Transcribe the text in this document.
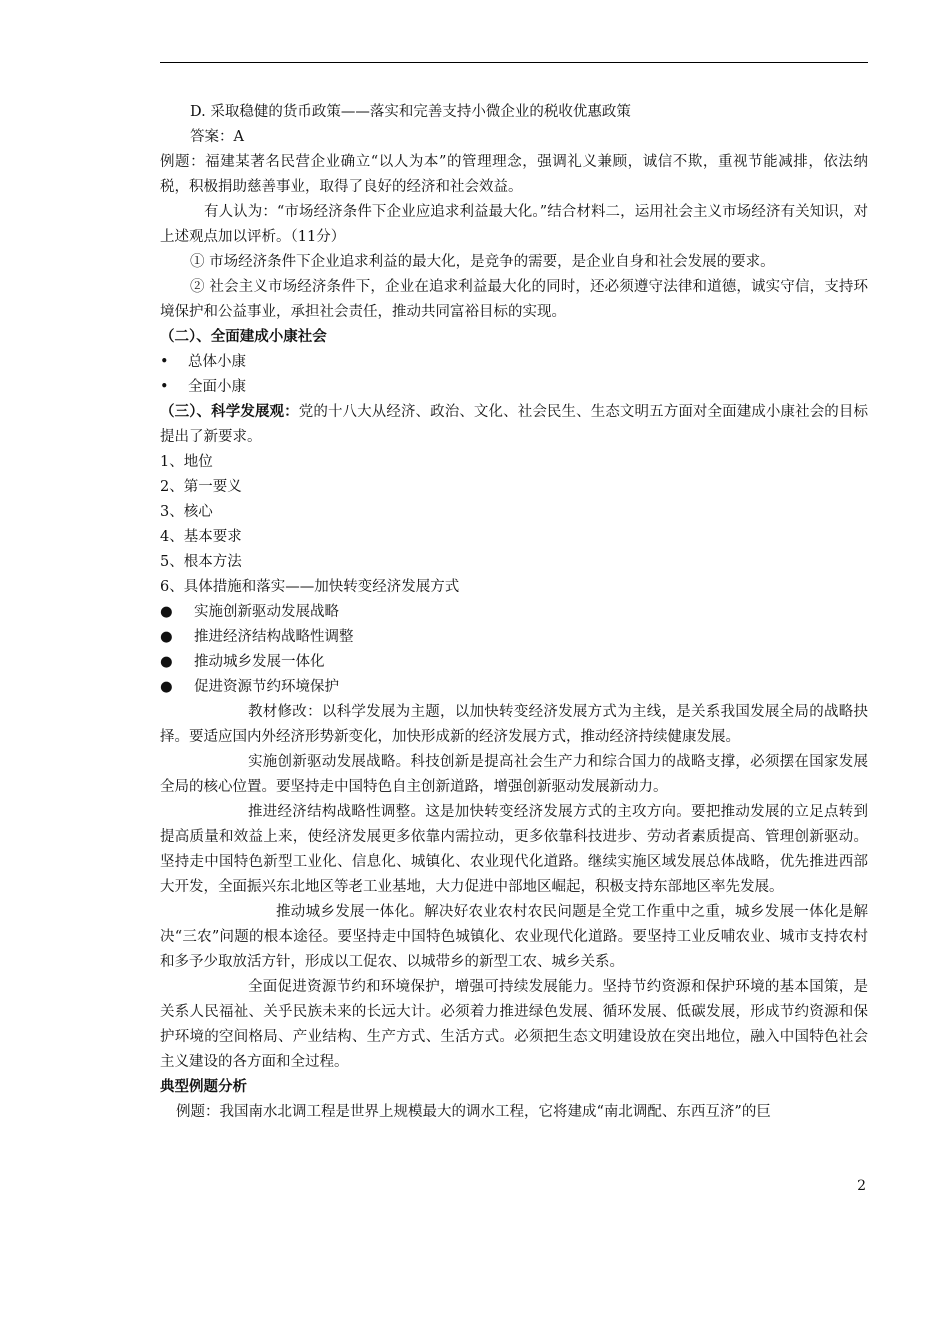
D. 采取稳健的货币政策——落实和完善支持小微企业的税收优惠政策
答案：A
例题：福建某著名民营企业确立“以人为本”的管理理念，强调礼义兼顾，诚信不欺，重视节能减排，依法纳税，积极捐助慈善事业，取得了良好的经济和社会效益。
有人认为：“市场经济条件下企业应追求利益最大化。”结合材料二，运用社会主义市场经济有关知识，对上述观点加以评析。（11分）
① 市场经济条件下企业追求利益的最大化，是竞争的需要，是企业自身和社会发展的要求。
② 社会主义市场经济条件下，企业在追求利益最大化的同时，还必须遵守法律和道德，诚实守信，支持环境保护和公益事业，承担社会责任，推动共同富裕目标的实现。
（二）、全面建成小康社会
•	总体小康
•	全面小康
（三）、科学发展观：党的十八大从经济、政治、文化、社会民生、生态文明五方面对全面建成小康社会的目标提出了新要求。
1、地位
2、第一要义
3、核心
4、基本要求
5、根本方法
6、具体措施和落实——加快转变经济发展方式
●	实施创新驱动发展战略
●	推进经济结构战略性调整
●	推动城乡发展一体化
●	促进资源节约环境保护
教材修改：以科学发展为主题，以加快转变经济发展方式为主线，是关系我国发展全局的战略抉择。要适应国内外经济形势新变化，加快形成新的经济发展方式，推动经济持续健康发展。
实施创新驱动发展战略。科技创新是提高社会生产力和综合国力的战略支撑，必须摆在国家发展全局的核心位置。要坚持走中国特色自主创新道路，增强创新驱动发展新动力。
推进经济结构战略性调整。这是加快转变经济发展方式的主攻方向。要把推动发展的立足点转到提高质量和效益上来，使经济发展更多依靠内需拉动，更多依靠科技进步、劳动者素质提高、管理创新驱动。坚持走中国特色新型工业化、信息化、城镇化、农业现代化道路。继续实施区域发展总体战略，优先推进西部大开发，全面振兴东北地区等老工业基地，大力促进中部地区崛起，积极支持东部地区率先发展。
推动城乡发展一体化。解决好农业农村农民问题是全党工作重中之重，城乡发展一体化是解决“三农”问题的根本途径。要坚持走中国特色城镇化、农业现代化道路。要坚持工业反哺农业、城市支持农村和多予少取放活方针，形成以工促农、以城带乡的新型工农、城乡关系。
全面促进资源节约和环境保护，增强可持续发展能力。坚持节约资源和保护环境的基本国策，是关系人民福祉、关乎民族未来的长远大计。必须着力推进绿色发展、循环发展、低碳发展，形成节约资源和保护环境的空间格局、产业结构、生产方式、生活方式。必须把生态文明建设放在突出地位，融入中国特色社会主义建设的各方面和全过程。
典型例题分析
例题：我国南水北调工程是世界上规模最大的调水工程，它将建成“南北调配、东西互济”的巨
2
